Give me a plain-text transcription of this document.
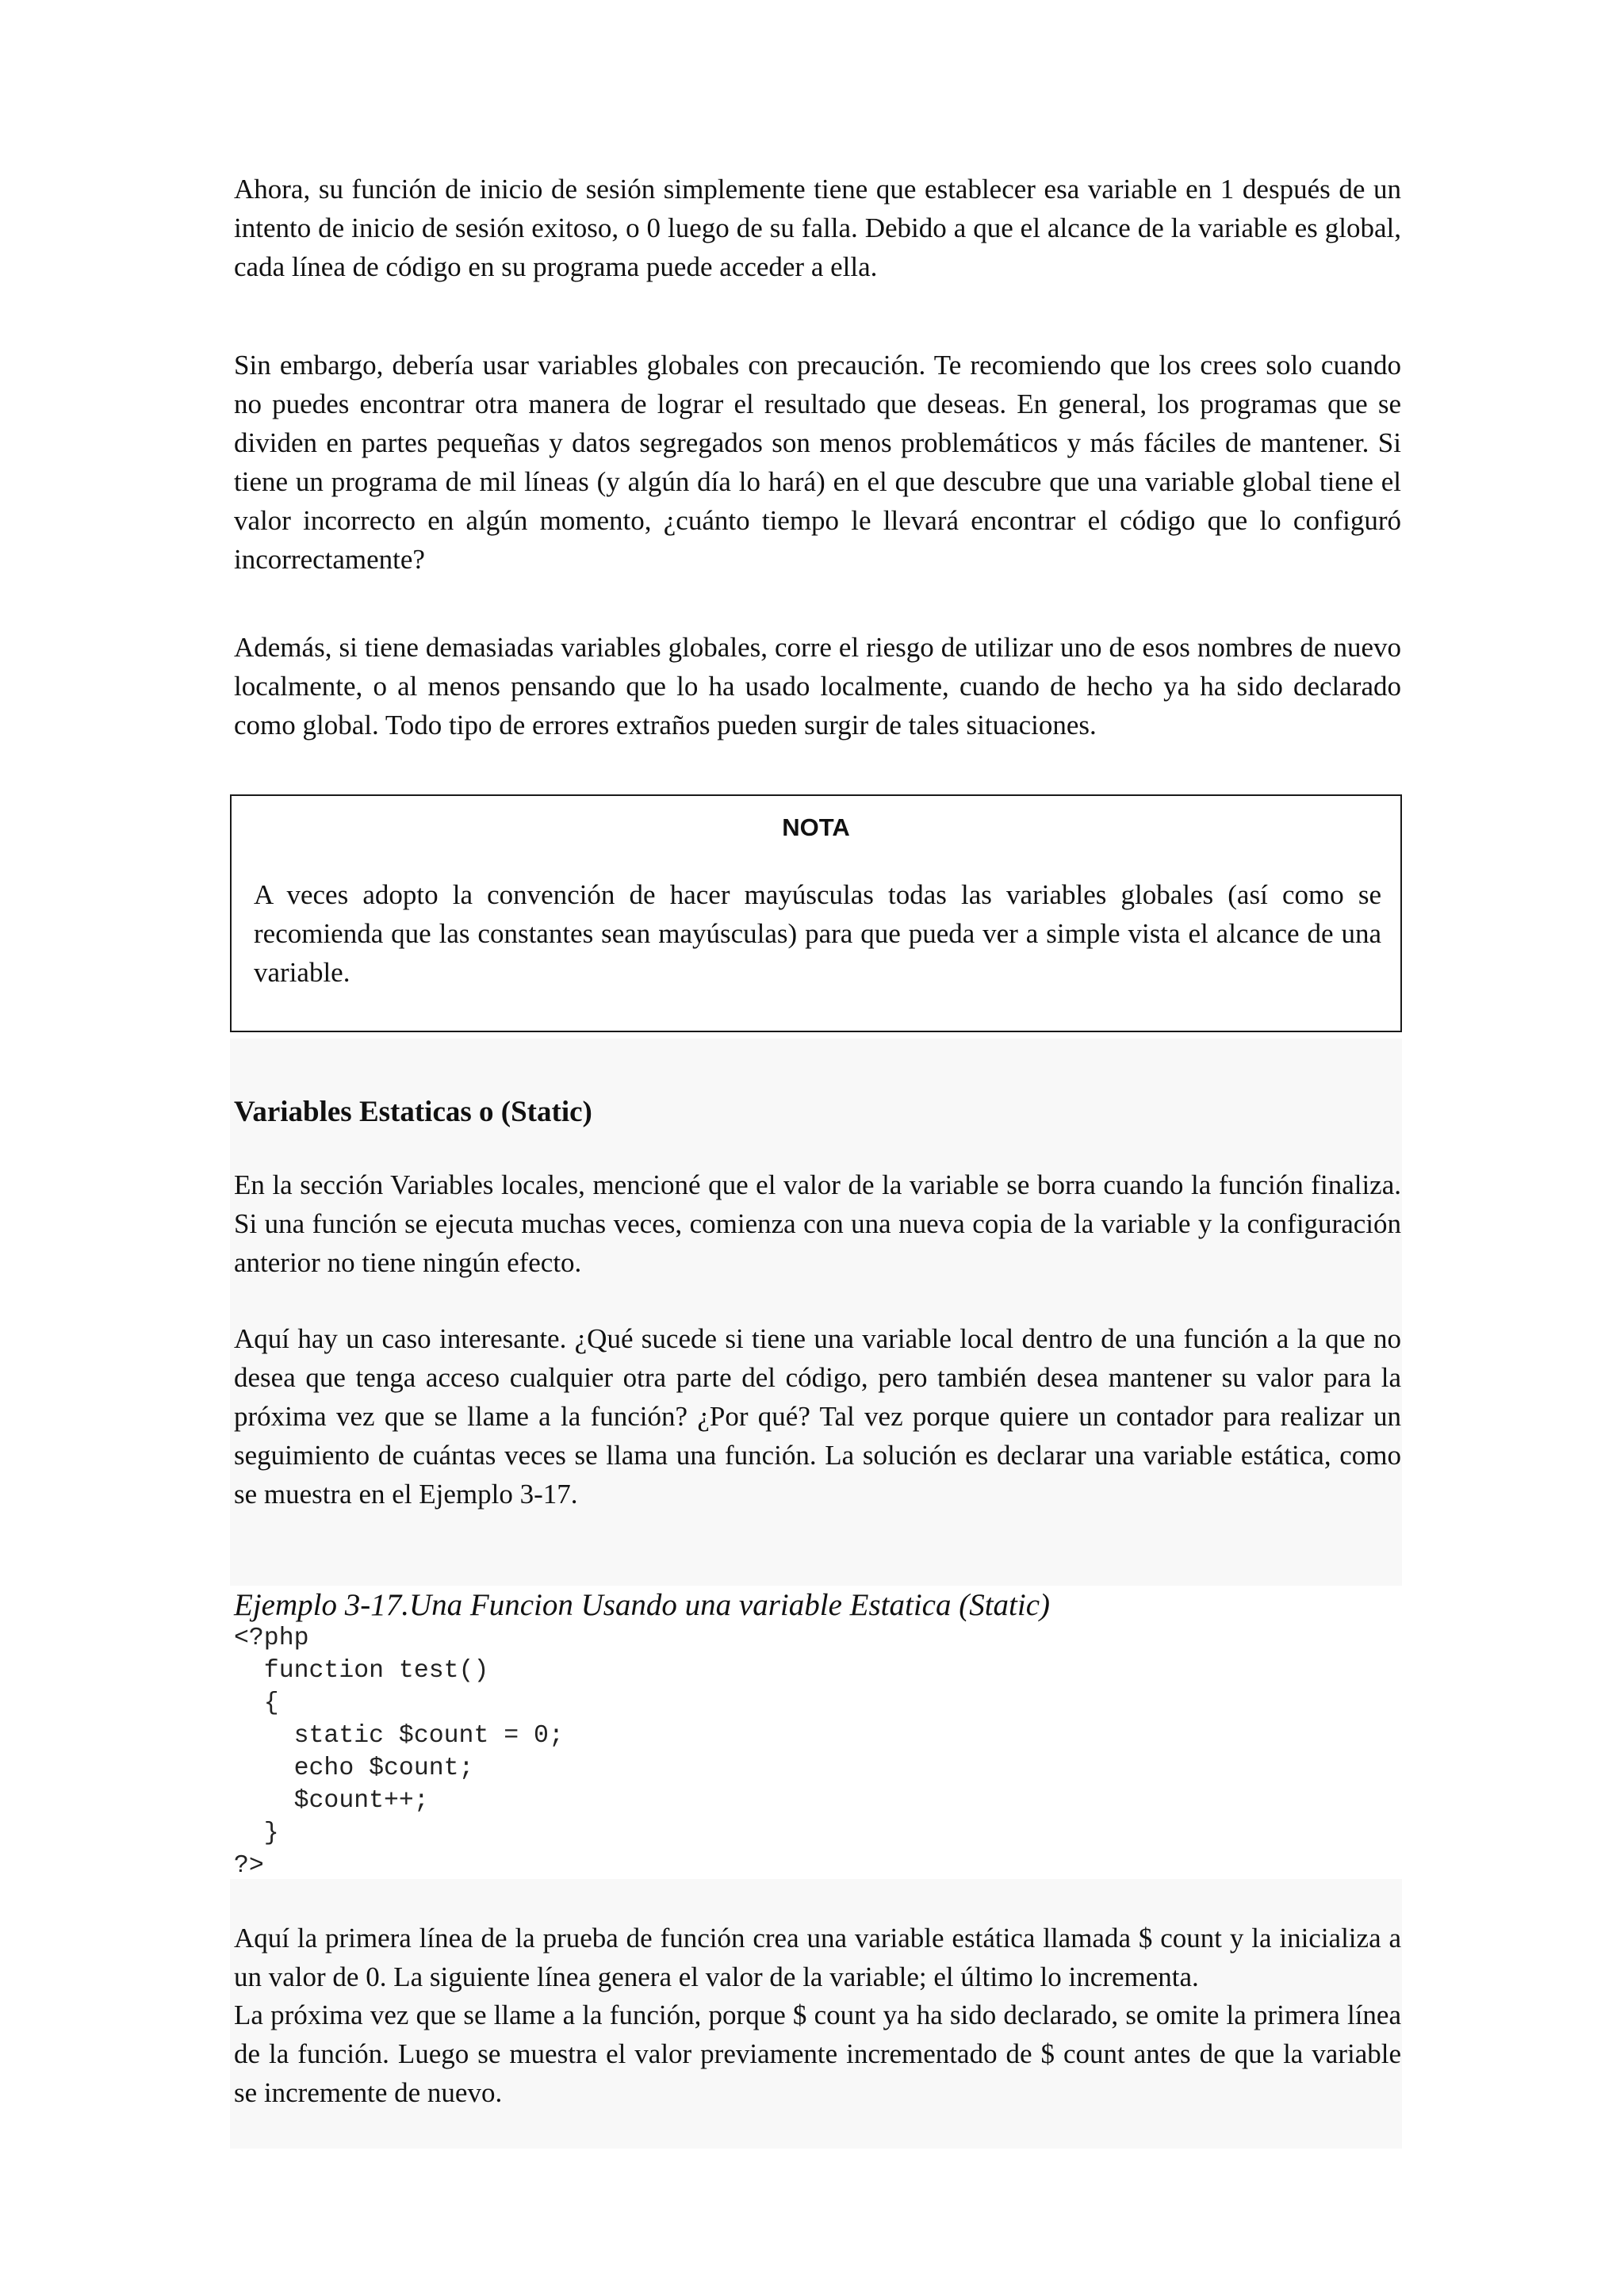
Ahora, su función de inicio de sesión simplemente tiene que establecer esa variable en 1 después de un intento de inicio de sesión exitoso, o 0 luego de su falla. Debido a que el alcance de la variable es global, cada línea de código en su programa puede acceder a ella.

Sin embargo, debería usar variables globales con precaución. Te recomiendo que los crees solo cuando no puedes encontrar otra manera de lograr el resultado que deseas. En general, los programas que se dividen en partes pequeñas y datos segregados son menos problemáticos y más fáciles de mantener. Si tiene un programa de mil líneas (y algún día lo hará) en el que descubre que una variable global tiene el valor incorrecto en algún momento, ¿cuánto tiempo le llevará encontrar el código que lo configuró incorrectamente?

Además, si tiene demasiadas variables globales, corre el riesgo de utilizar uno de esos nombres de nuevo localmente, o al menos pensando que lo ha usado localmente, cuando de hecho ya ha sido declarado como global. Todo tipo de errores extraños pueden surgir de tales situaciones.

NOTA

A veces adopto la convención de hacer mayúsculas todas las variables globales (así como se recomienda que las constantes sean mayúsculas) para que pueda ver a simple vista el alcance de una variable.

Variables Estaticas o (Static)

En la sección Variables locales, mencioné que el valor de la variable se borra cuando la función finaliza. Si una función se ejecuta muchas veces, comienza con una nueva copia de la variable y la configuración anterior no tiene ningún efecto.

Aquí hay un caso interesante. ¿Qué sucede si tiene una variable local dentro de una función a la que no desea que tenga acceso cualquier otra parte del código, pero también desea mantener su valor para la próxima vez que se llame a la función? ¿Por qué? Tal vez porque quiere un contador para realizar un seguimiento de cuántas veces se llama una función. La solución es declarar una variable estática, como se muestra en el Ejemplo 3-17.

Ejemplo 3-17.Una Funcion Usando una variable Estatica (Static)

<?php
function test()
{
static $count = 0;
echo $count;
$count++;
}
?>

Aquí la primera línea de la prueba de función crea una variable estática llamada $ count y la inicializa a un valor de 0. La siguiente línea genera el valor de la variable; el último lo incrementa.

La próxima vez que se llame a la función, porque $ count ya ha sido declarado, se omite la primera línea de la función. Luego se muestra el valor previamente incrementado de $ count antes de que la variable se incremente de nuevo.
